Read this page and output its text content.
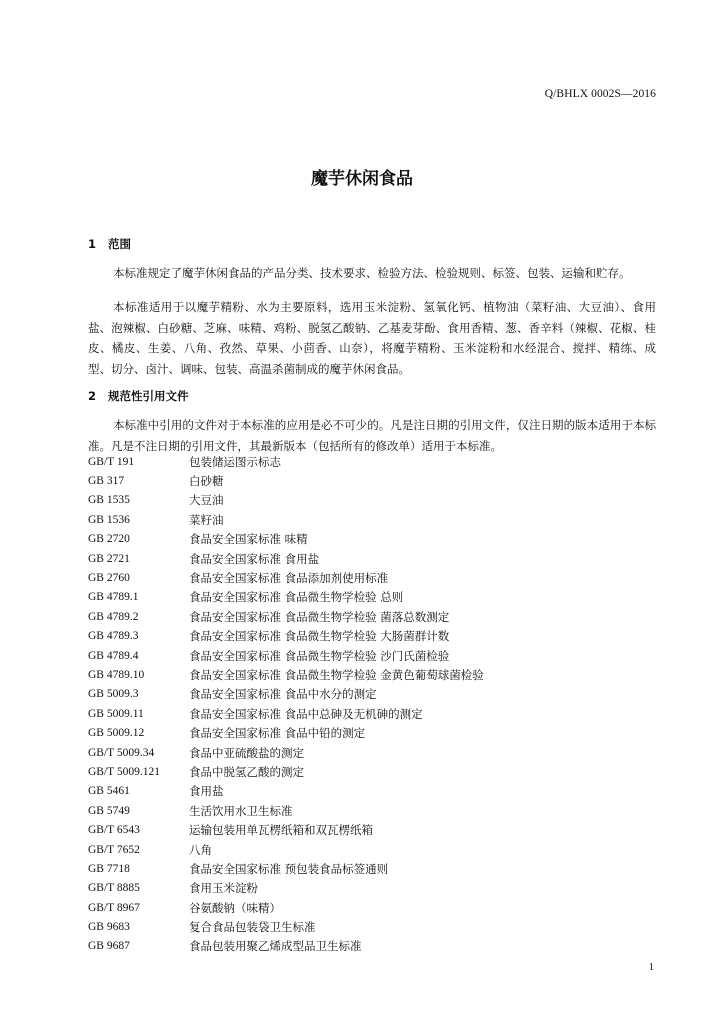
Q/BHLX 0002S—2016
魔芋休闲食品
1 范围
本标准规定了魔芋休闲食品的产品分类、技术要求、检验方法、检验规则、标签、包装、运输和贮存。
本标准适用于以魔芋精粉、水为主要原料，选用玉米淀粉、氢氧化钙、植物油（菜籽油、大豆油）、食用盐、泡辣椒、白砂糖、芝麻、味精、鸡粉、脱氢乙酸钠、乙基麦芽酚、食用香精、葱、香辛料（辣椒、花椒、桂皮、橘皮、生姜、八角、孜然、草果、小茴香、山奈），将魔芋精粉、玉米淀粉和水经混合、搅拌、精练、成型、切分、卤汁、调味、包装、高温杀菌制成的魔芋休闲食品。
2 规范性引用文件
本标准中引用的文件对于本标准的应用是必不可少的。凡是注日期的引用文件，仅注日期的版本适用于本标准。凡是不注日期的引用文件，其最新版本（包括所有的修改单）适用于本标准。
GB/T 191	包装储运图示标志
GB 317	白砂糖
GB 1535	大豆油
GB 1536	菜籽油
GB 2720	食品安全国家标准 味精
GB 2721	食品安全国家标准 食用盐
GB 2760	食品安全国家标准 食品添加剂使用标准
GB 4789.1	食品安全国家标准 食品微生物学检验 总则
GB 4789.2	食品安全国家标准 食品微生物学检验 菌落总数测定
GB 4789.3	食品安全国家标准 食品微生物学检验 大肠菌群计数
GB 4789.4	食品安全国家标准 食品微生物学检验 沙门氏菌检验
GB 4789.10	食品安全国家标准 食品微生物学检验 金黄色葡萄球菌检验
GB 5009.3	食品安全国家标准 食品中水分的测定
GB 5009.11	食品安全国家标准 食品中总砷及无机砷的测定
GB 5009.12	食品安全国家标准 食品中铅的测定
GB/T 5009.34	食品中亚硫酸盐的测定
GB/T 5009.121	食品中脱氢乙酸的测定
GB 5461	食用盐
GB 5749	生活饮用水卫生标准
GB/T 6543	运输包装用单瓦楞纸箱和双瓦楞纸箱
GB/T 7652	八角
GB 7718	食品安全国家标准 预包装食品标签通则
GB/T 8885	食用玉米淀粉
GB/T 8967	谷氨酸钠（味精）
GB 9683	复合食品包装袋卫生标准
GB 9687	食品包装用聚乙烯成型品卫生标准
1
